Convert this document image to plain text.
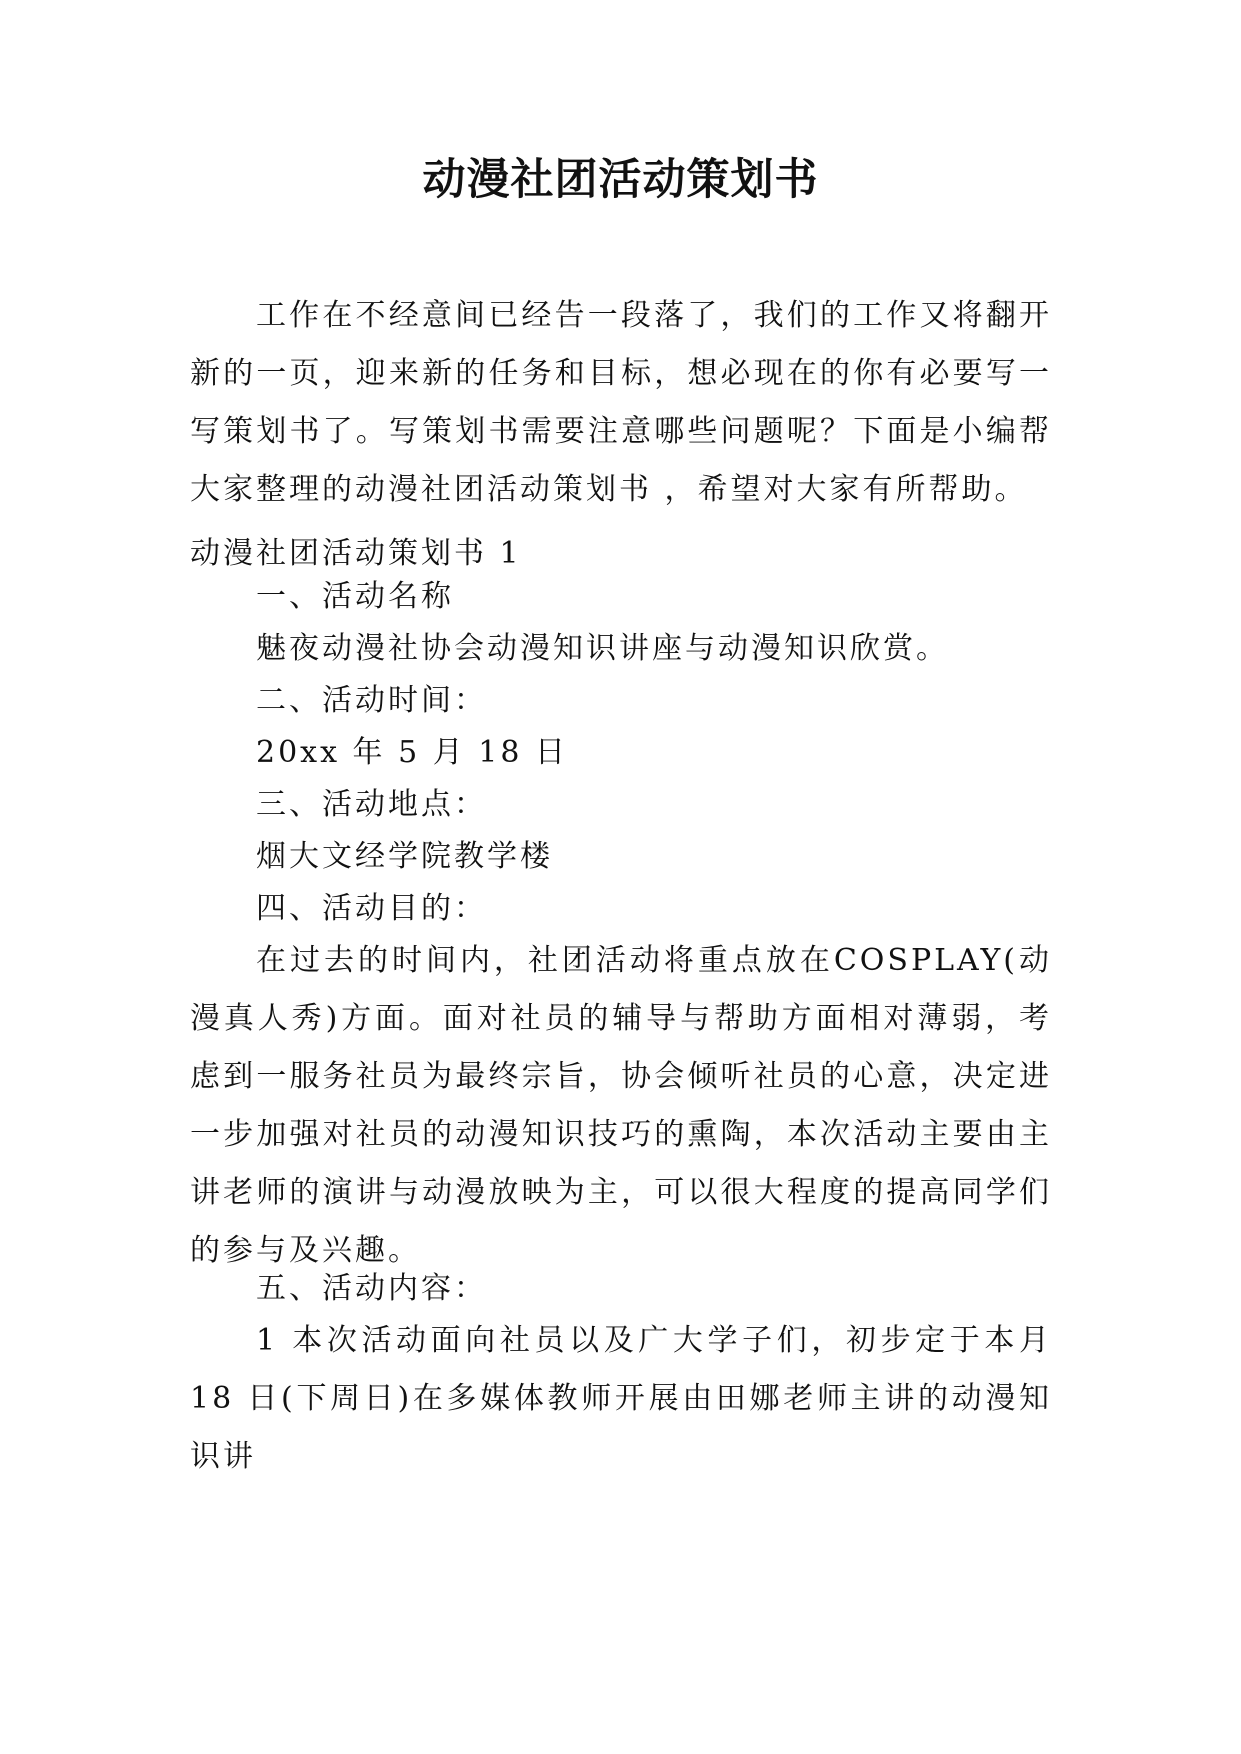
动漫社团活动策划书

工作在不经意间已经告一段落了，我们的工作又将翻开新的一页，迎来新的任务和目标，想必现在的你有必要写一写策划书了。写策划书需要注意哪些问题呢？下面是小编帮大家整理的动漫社团活动策划书 ，希望对大家有所帮助。

动漫社团活动策划书 1

一、活动名称

魅夜动漫社协会动漫知识讲座与动漫知识欣赏。

二、活动时间：

20xx 年 5 月 18 日

三、活动地点：

烟大文经学院教学楼

四、活动目的：

在过去的时间内，社团活动将重点放在COSPLAY(动漫真人秀)方面。面对社员的辅导与帮助方面相对薄弱，考虑到一服务社员为最终宗旨，协会倾听社员的心意，决定进一步加强对社员的动漫知识技巧的熏陶，本次活动主要由主讲老师的演讲与动漫放映为主，可以很大程度的提高同学们的参与及兴趣。

五、活动内容：

1 本次活动面向社员以及广大学子们，初步定于本月 18 日(下周日)在多媒体教师开展由田娜老师主讲的动漫知识讲
